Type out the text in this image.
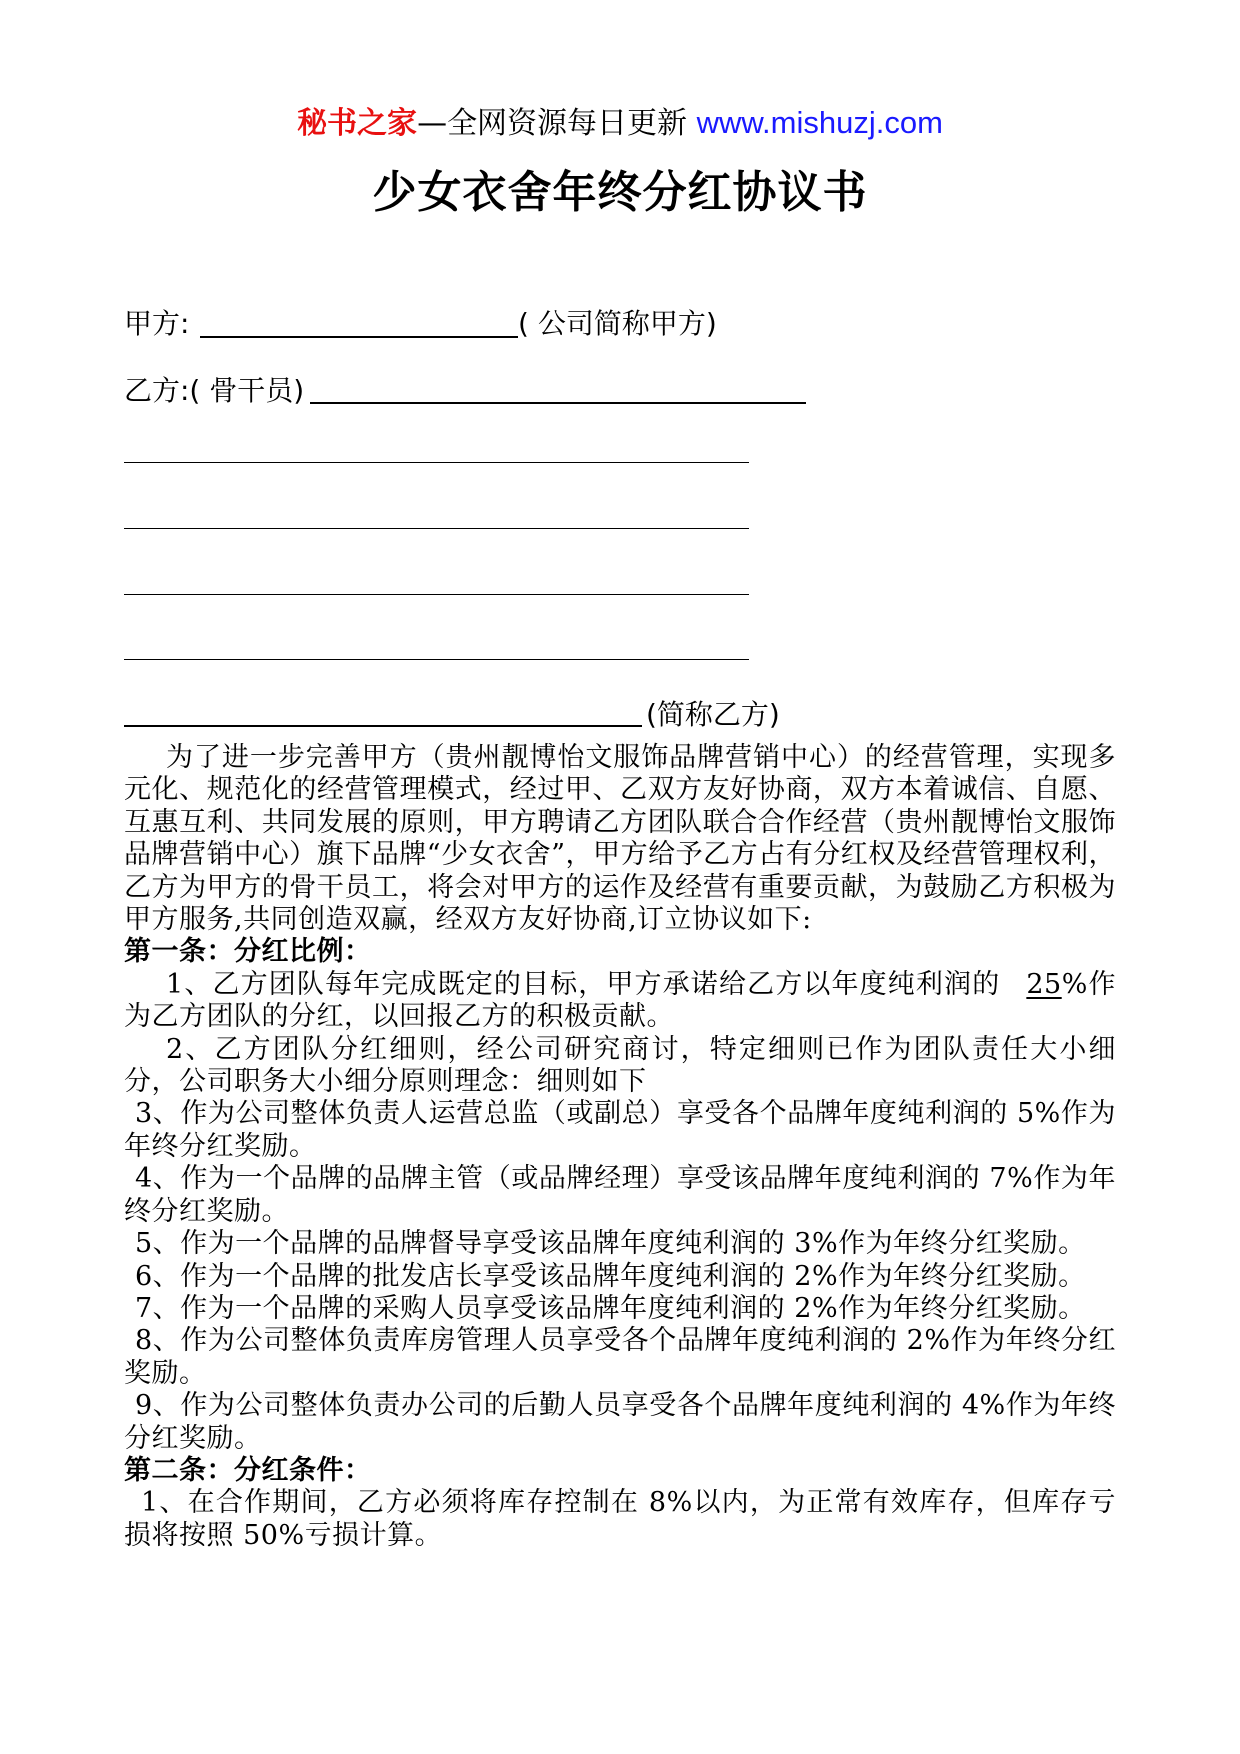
秘书之家—全网资源每日更新 www.mishuzj.com
少女衣舍年终分红协议书
甲方:	( 公司简称甲方)
乙方:( 骨干员)
(简称乙方)

为了进一步完善甲方（贵州靓博怡文服饰品牌营销中心）的经营管理，实现多元化、规范化的经营管理模式，经过甲、乙双方友好协商，双方本着诚信、自愿、互惠互利、共同发展的原则，甲方聘请乙方团队联合合作经营（贵州靓博怡文服饰品牌营销中心）旗下品牌“少女衣舍”，甲方给予乙方占有分红权及经营管理权利，乙方为甲方的骨干员工，将会对甲方的运作及经营有重要贡献，为鼓励乙方积极为甲方服务,共同创造双赢，经双方友好协商,订立协议如下:

第一条：分红比例：

1、乙方团队每年完成既定的目标，甲方承诺给乙方以年度纯利润的 25%作为乙方团队的分红，以回报乙方的积极贡献。

2、乙方团队分红细则，经公司研究商讨，特定细则已作为团队责任大小细分，公司职务大小细分原则理念：细则如下

3、作为公司整体负责人运营总监（或副总）享受各个品牌年度纯利润的 5%作为年终分红奖励。

4、作为一个品牌的品牌主管（或品牌经理）享受该品牌年度纯利润的 7%作为年终分红奖励。

5、作为一个品牌的品牌督导享受该品牌年度纯利润的 3%作为年终分红奖励。

6、作为一个品牌的批发店长享受该品牌年度纯利润的 2%作为年终分红奖励。

7、作为一个品牌的采购人员享受该品牌年度纯利润的 2%作为年终分红奖励。

8、作为公司整体负责库房管理人员享受各个品牌年度纯利润的 2%作为年终分红奖励。

9、作为公司整体负责办公司的后勤人员享受各个品牌年度纯利润的 4%作为年终分红奖励。

第二条：分红条件：

1、在合作期间，乙方必须将库存控制在 8%以内，为正常有效库存，但库存亏损将按照 50%亏损计算。
